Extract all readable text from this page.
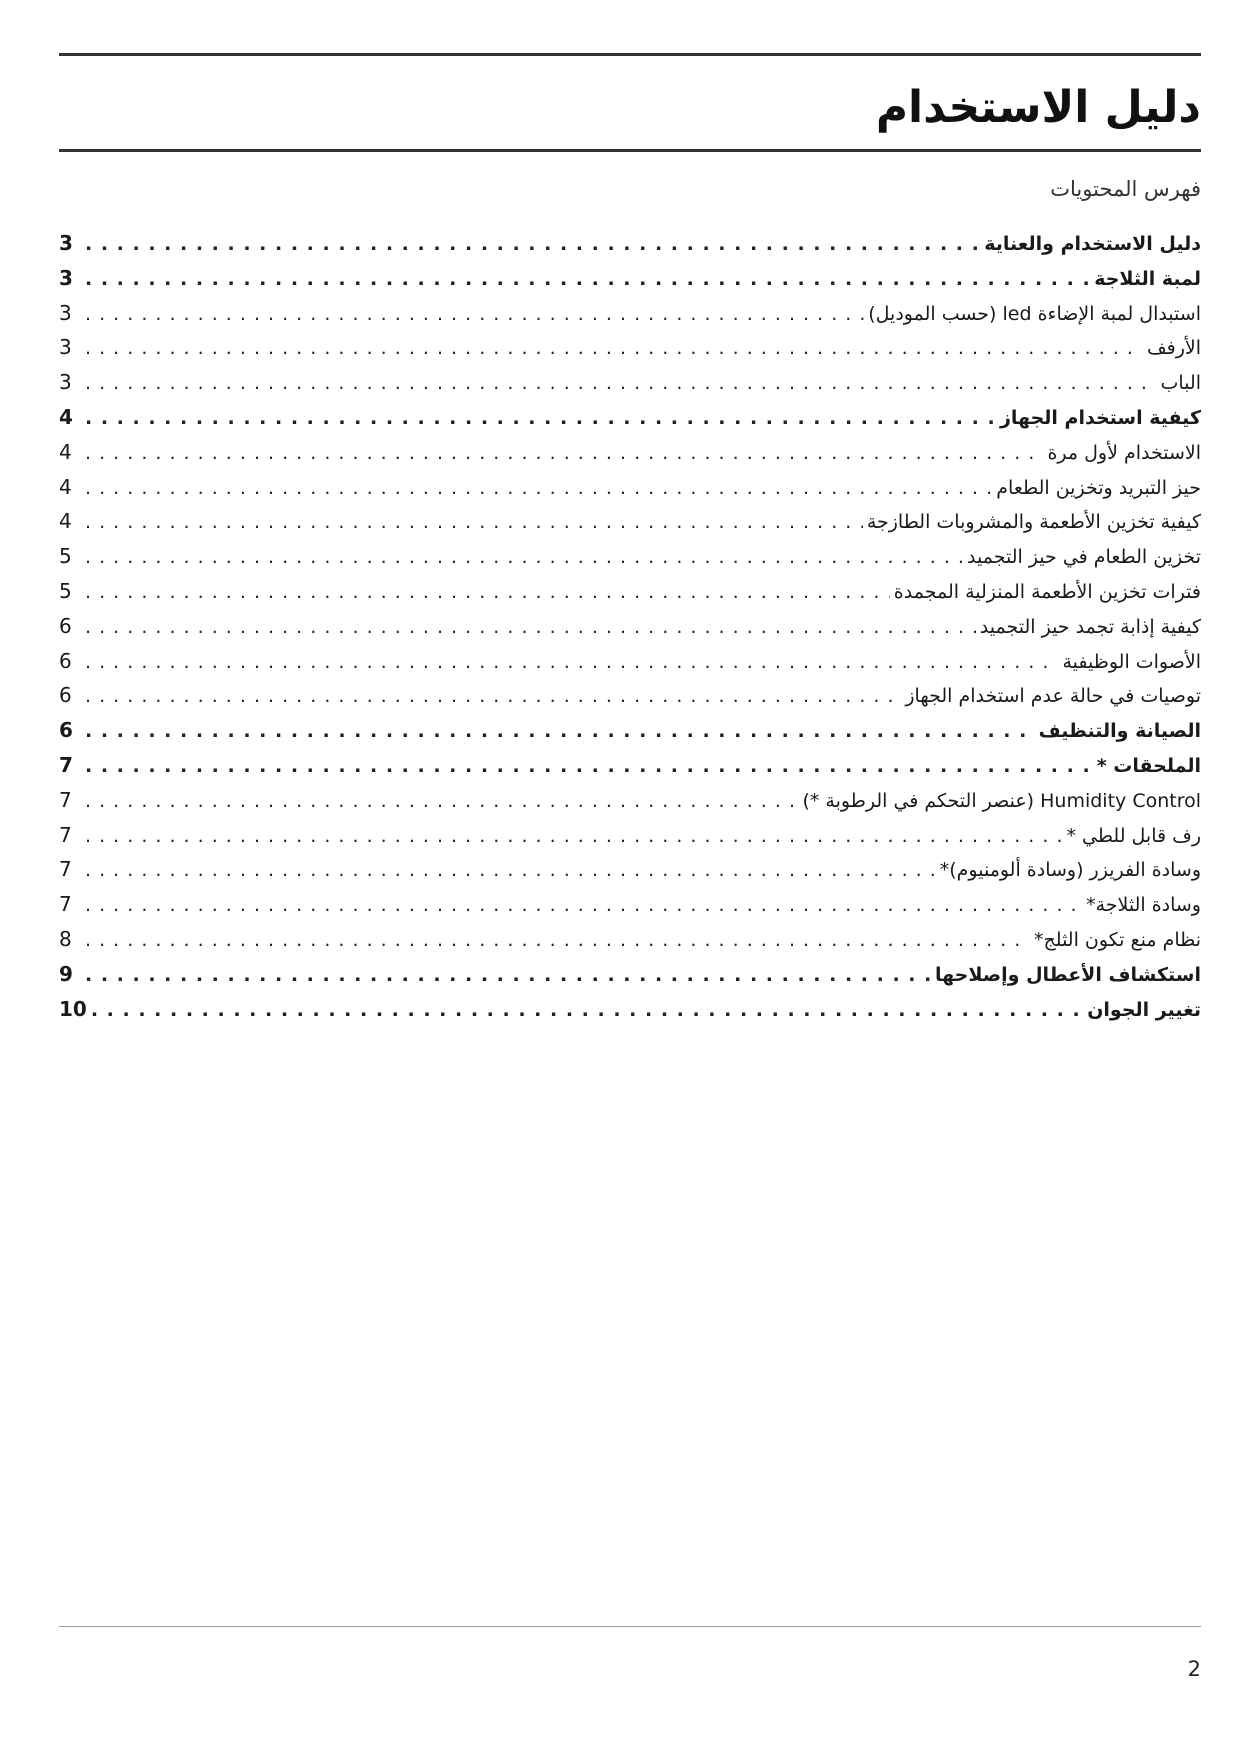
دليل الاستخدام
فهرس المحتويات
دليل الاستخدام والعناية
. . .
3
لمبة الثلاجة
. . .
3
استبدال لمبة الإضاءة led (حسب الموديل)
. . .
3
الأرفف
. . .
3
الباب
. . .
3
كيفية استخدام الجهاز
. . .
4
الاستخدام لأول مرة
. . .
4
حيز التبريد وتخزين الطعام
. . .
4
كيفية تخزين الأطعمة والمشروبات الطازجة
. . .
4
تخزين الطعام في حيز التجميد
. . .
5
فترات تخزين الأطعمة المنزلية المجمدة
. . .
5
كيفية إذابة تجمد حيز التجميد
. . .
6
الأصوات الوظيفية
. . .
6
توصيات في حالة عدم استخدام الجهاز
. . .
6
الصيانة والتنظيف
. . .
6
الملحقات *
. . .
7
Humidity Control (عنصر التحكم في الرطوبة *)
. . .
7
رف قابل للطي *
. . .
7
وسادة الفريزر (وسادة ألومنيوم)*
. . .
7
وسادة الثلاجة*
. . .
7
نظام منع تكون الثلج*
. . .
8
استكشاف الأعطال وإصلاحها
. . .
9
تغيير الجوان
. . .
10
2
